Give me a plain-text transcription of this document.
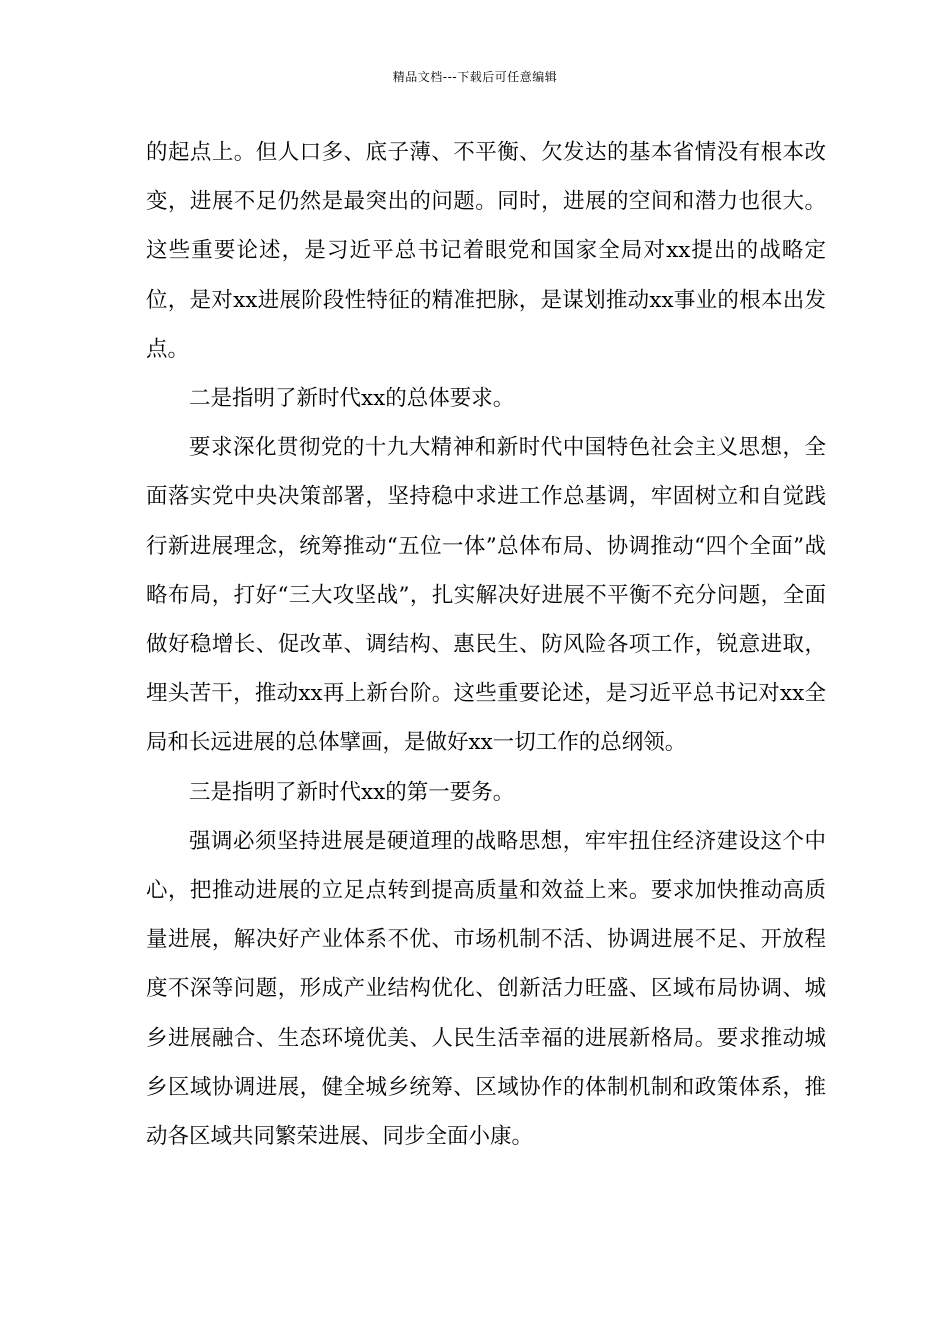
精品文档---下载后可任意编辑

的起点上。但人口多、底子薄、不平衡、欠发达的基本省情没有根本改变，进展不足仍然是最突出的问题。同时，进展的空间和潜力也很大。这些重要论述，是习近平总书记着眼党和国家全局对xx提出的战略定位，是对xx进展阶段性特征的精准把脉，是谋划推动xx事业的根本出发点。

二是指明了新时代xx的总体要求。

要求深化贯彻党的十九大精神和新时代中国特色社会主义思想，全面落实党中央决策部署，坚持稳中求进工作总基调，牢固树立和自觉践行新进展理念，统筹推动“五位一体”总体布局、协调推动“四个全面”战略布局，打好“三大攻坚战”，扎实解决好进展不平衡不充分问题，全面做好稳增长、促改革、调结构、惠民生、防风险各项工作，锐意进取，埋头苦干，推动xx再上新台阶。这些重要论述，是习近平总书记对xx全局和长远进展的总体擘画，是做好xx一切工作的总纲领。

三是指明了新时代xx的第一要务。

强调必须坚持进展是硬道理的战略思想，牢牢扭住经济建设这个中心，把推动进展的立足点转到提高质量和效益上来。要求加快推动高质量进展，解决好产业体系不优、市场机制不活、协调进展不足、开放程度不深等问题，形成产业结构优化、创新活力旺盛、区域布局协调、城乡进展融合、生态环境优美、人民生活幸福的进展新格局。要求推动城乡区域协调进展，健全城乡统筹、区域协作的体制机制和政策体系，推动各区域共同繁荣进展、同步全面小康。
